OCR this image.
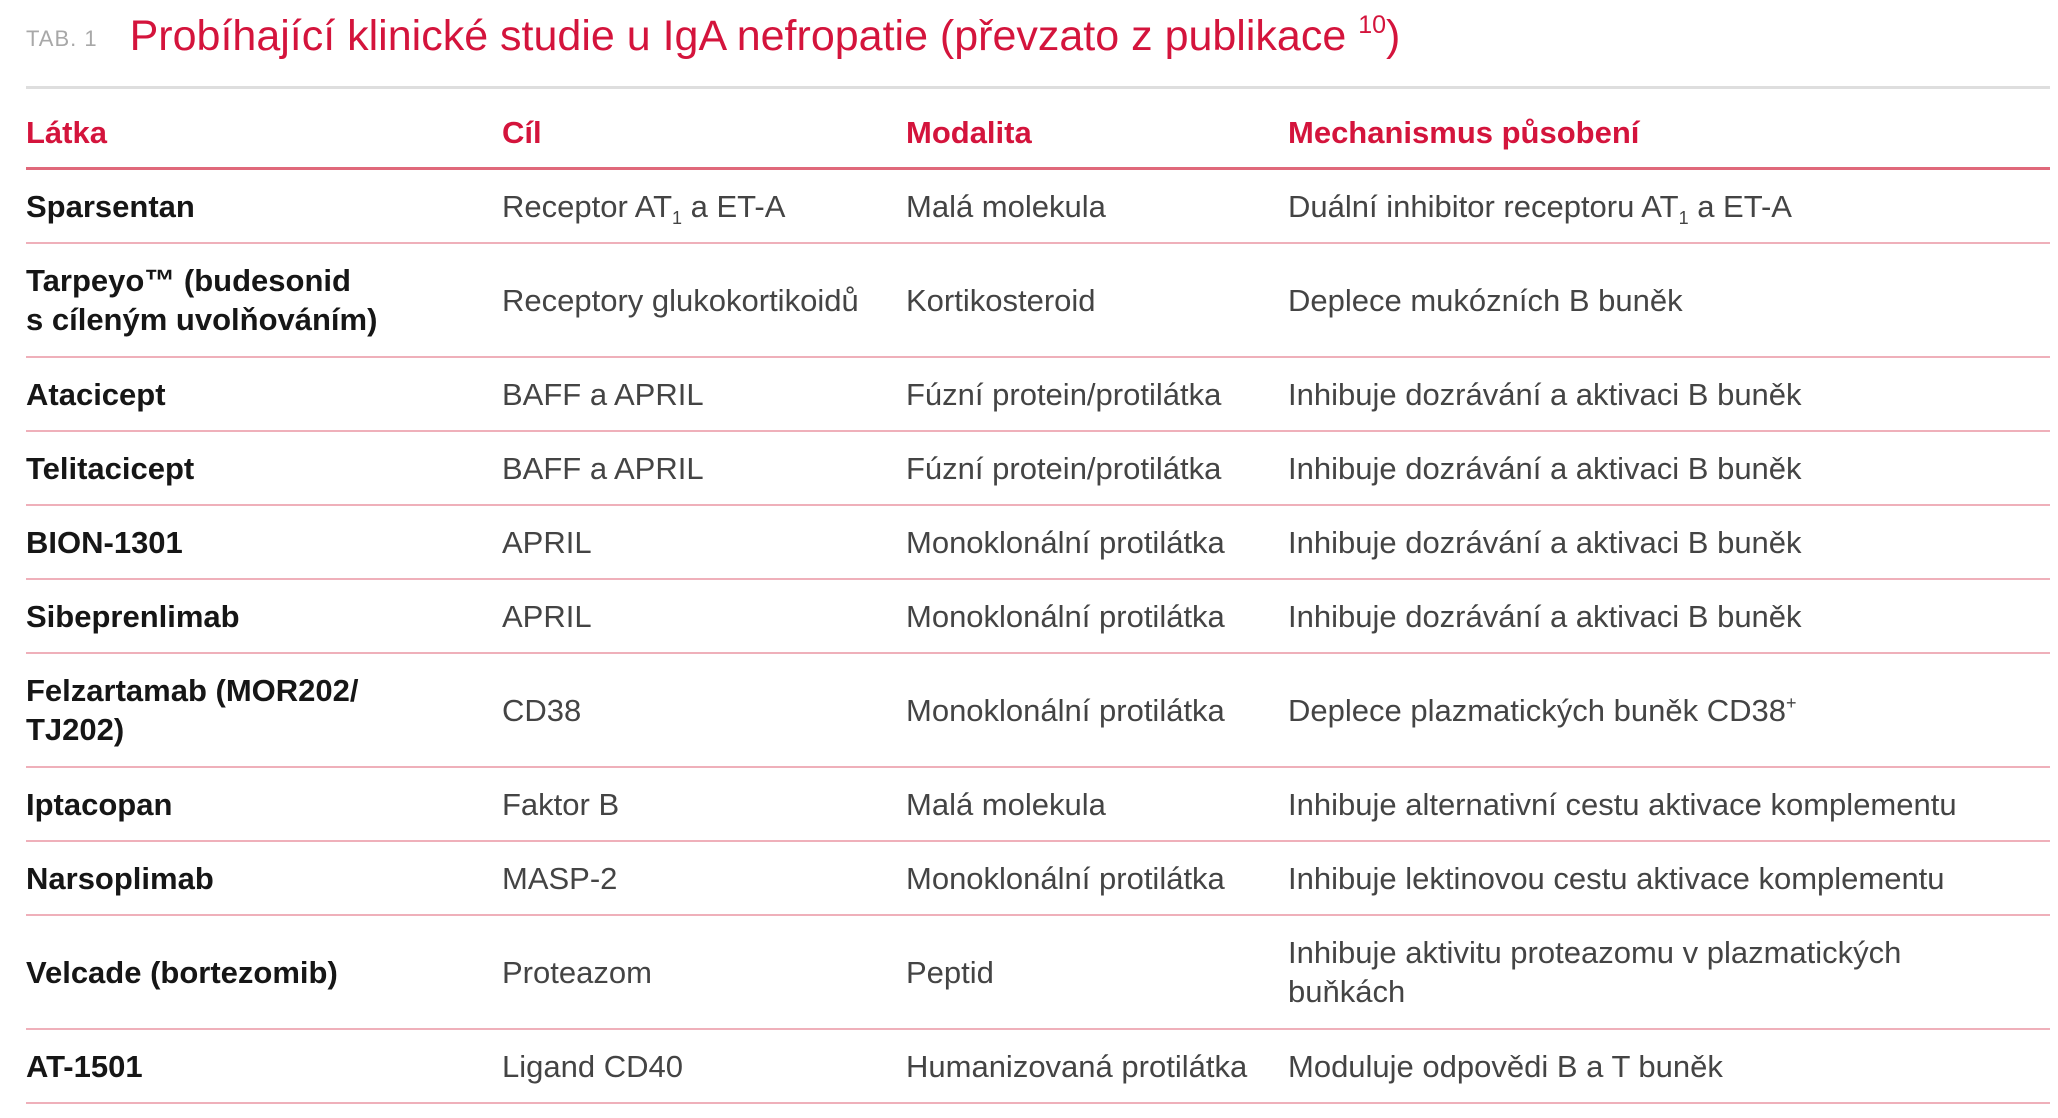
TAB. 1 Probíhající klinické studie u IgA nefropatie (převzato z publikace $^{10}$)
Látka	Cíl	Modalita	Mechanismus působení

Sparsentan	Receptor $AT_1$ a ET-A	Malá molekula	Duální inhibitor receptoru $AT_1$ a ET-A

Tarpeyo™ (budesonid
s cíleným uvolňováním)	Receptory glukokortikoidů	Kortikosteroid	Deplece mukózních B buněk

Atacicept	BAFF a APRIL	Fúzní protein/protilátka	Inhibuje dozrávání a aktivaci B buněk

Telitacicept	BAFF a APRIL	Fúzní protein/protilátka	Inhibuje dozrávání a aktivaci B buněk

BION-1301	APRIL	Monoklonální protilátka	Inhibuje dozrávání a aktivaci B buněk

Sibeprenlimab	APRIL	Monoklonální protilátka	Inhibuje dozrávání a aktivaci B buněk

Felzartamab (MOR202/
TJ202)	CD38	Monoklonální protilátka	Deplece plazmatických buněk CD38+

Iptacopan	Faktor B	Malá molekula	Inhibuje alternativní cestu aktivace komplementu

Narsoplimab	MASP-2	Monoklonální protilátka	Inhibuje lektinovou cestu aktivace komplementu

Velcade (bortezomib)	Proteazom	Peptid	Inhibuje aktivitu proteazomu v plazmatických
buňkách

AT-1501	Ligand CD40	Humanizovaná protilátka	Moduluje odpovědi B a T buněk
